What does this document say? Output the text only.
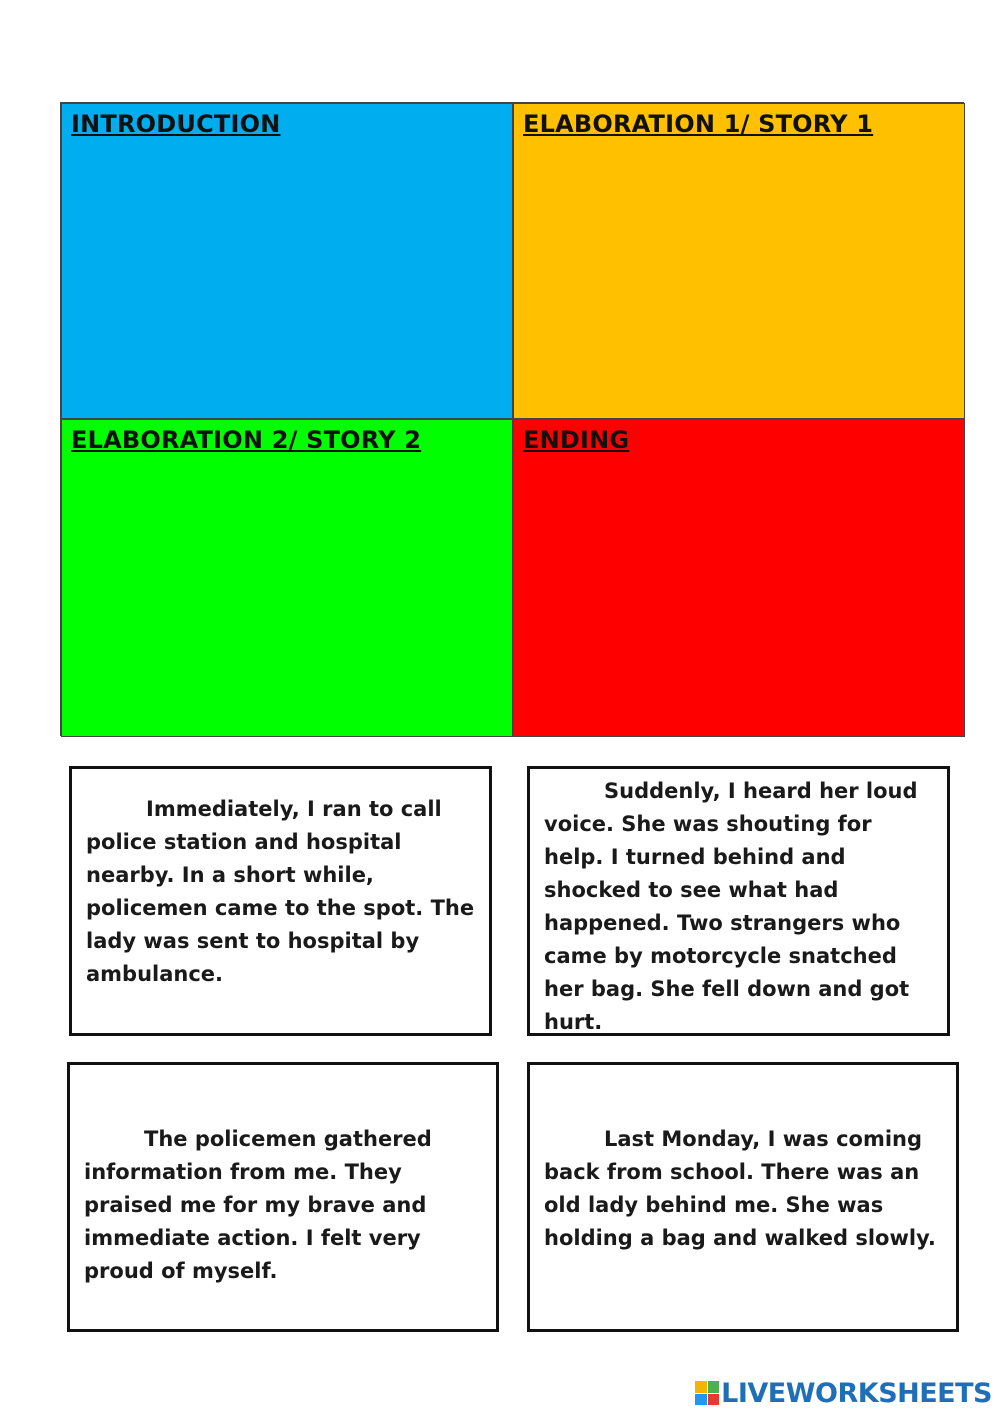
INTRODUCTION	ELABORATION 1/ STORY 1
ELABORATION 2/ STORY 2	ENDING

Immediately, I ran to call police station and hospital nearby. In a short while, policemen came to the spot. The lady was sent to hospital by ambulance.

Suddenly, I heard her loud voice. She was shouting for help. I turned behind and shocked to see what had happened. Two strangers who came by motorcycle snatched her bag. She fell down and got hurt.

The policemen gathered information from me. They praised me for my brave and immediate action. I felt very proud of myself.

Last Monday, I was coming back from school. There was an old lady behind me. She was holding a bag and walked slowly.

LIVEWORKSHEETS
